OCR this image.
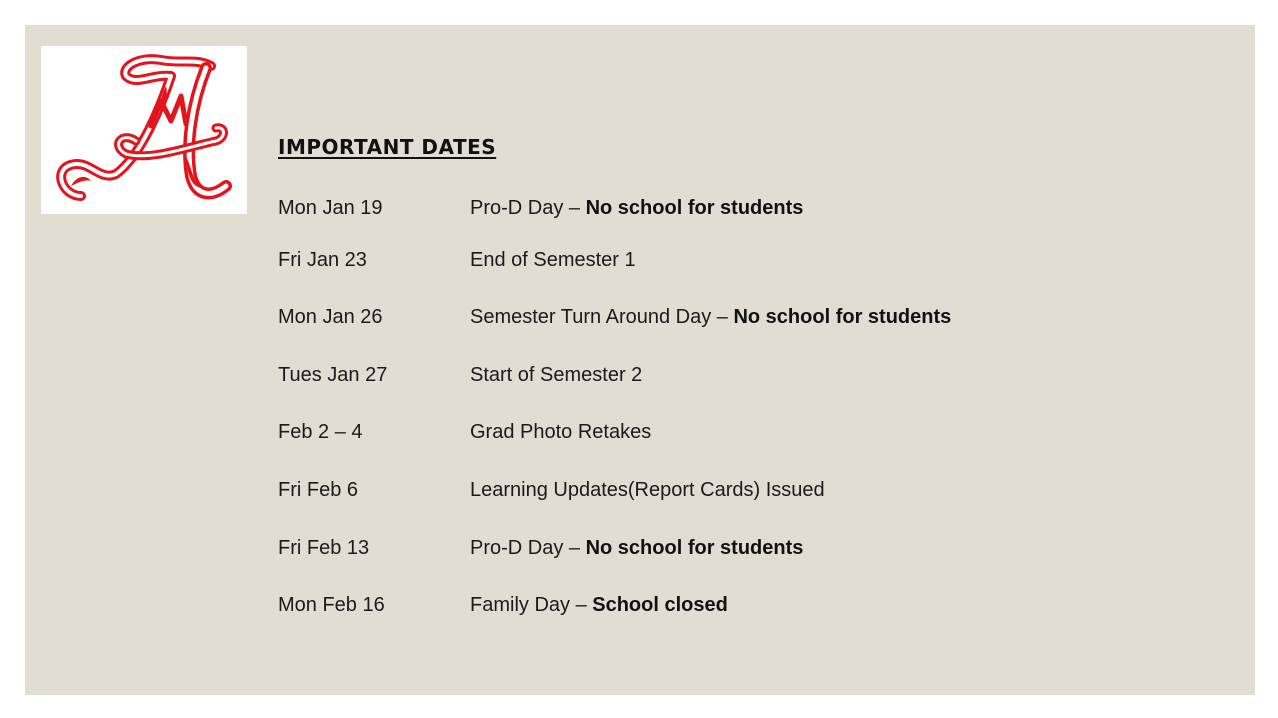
IMPORTANT DATES
Mon Jan 19	Pro-D Day – No school for students
Fri Jan 23	End of Semester 1
Mon Jan 26	Semester Turn Around Day – No school for students
Tues Jan 27	Start of Semester 2
Feb 2 – 4	Grad Photo Retakes
Fri Feb 6	Learning Updates(Report Cards) Issued
Fri Feb 13	Pro-D Day – No school for students
Mon Feb 16	Family Day – School closed
